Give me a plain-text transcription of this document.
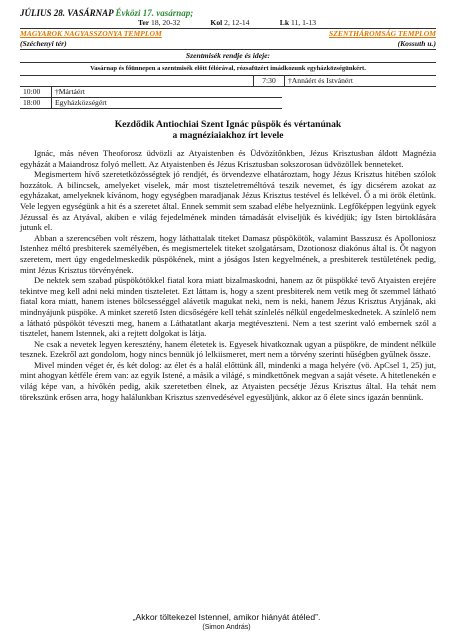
JÚLIUS 28. VASÁRNAP Évközi 17. vasárnap;
Ter 18, 20-32	Kol 2, 12-14	Lk 11, 1-13
MAGYAROK NAGYASSZONYA TEMPLOM	SZENTHÁROMSÁG TEMPLOM
(Széchenyi tér)	(Kossuth u.)
Szentmisék rendje és ideje:
Vasárnap és főünnepen a szentmisék előtt félórával, rózsafüzért imádkozunk egyházközségünkért.
7:30	†Annáért és Istvánért
10:00	†Mártáért
18:00	Egyházközségért
Kezdődik Antiochiai Szent Ignác püspök és vértanúnak
a magnéziaiakhoz írt levele

Ignác, más néven Theoforosz üdvözli az Atyaistenben és Üdvözítőnkben, Jézus Krisztusban áldott Magnézia egyházát a Maiandrosz folyó mellett. Az Atyaistenben és Jézus Krisztusban sokszorosan üdvözöllek benneteket.

Megismertem hívő szeretetközösségtek jó rendjét, és örvendezve elhatároztam, hogy Jézus Krisztus hitében szólok hozzátok. A bilincsek, amelyeket viselek, már most tiszteletreméltóvá teszik nevemet, és így dicsérem azokat az egyházakat, amelyeknek kívánom, hogy egységben maradjanak Jézus Krisztus testével és lelkével. Ő a mi örök életünk. Vele legyen egységünk a hit és a szeretet által. Ennek semmit sem szabad elébe helyeznünk. Legfőképpen legyünk egyek Jézussal és az Atyával, akiben e világ fejedelmének minden támadását elviseljük és kivédjük; így Isten birtoklására jutunk el.

Abban a szerencsében volt részem, hogy láthattalak titeket Damasz püspökötök, valamint Basszusz és Apolloniosz Istenhez méltó presbiterek személyében, és megismertelek titeket szolgatársam, Dzotionosz diakónus által is. Őt nagyon szeretem, mert úgy engedelmeskedik püspökének, mint a jóságos Isten kegyelmének, a presbiterek testületének pedig, mint Jézus Krisztus törvényének.

De nektek sem szabad püspökötökkel fiatal kora miatt bizalmaskodni, hanem az őt püspökké tevő Atyaisten erejére tekintve meg kell adni neki minden tiszteletet. Ezt láttam is, hogy a szent presbiterek nem vetik meg őt szemmel látható fiatal kora miatt, hanem istenes bölcsességgel alávetik magukat neki, nem is neki, hanem Jézus Krisztus Atyjának, aki mindnyájunk püspöke. A minket szerető Isten dicsőségére kell tehát színlelés nélkül engedelmeskednetek. A színlelő nem a látható püspököt téveszti meg, hanem a Láthatatlant akarja megtéveszteni. Nem a test szerint való embernek szól a tisztelet, hanem Istennek, aki a rejtett dolgokat is látja.

Ne csak a nevetek legyen keresztény, hanem életetek is. Egyesek hivatkoznak ugyan a püspökre, de mindent nélküle tesznek. Ezekről azt gondolom, hogy nincs bennük jó lelkiismeret, mert nem a törvény szerinti hűségben gyűlnek össze.

Mivel minden véget ér, és két dolog: az élet és a halál előttünk áll, mindenki a maga helyére (vö. ApCsel 1, 25) jut, mint ahogyan kétféle érem van: az egyik Istené, a másik a világé, s mindkettőnek megvan a saját vésete. A hitetlenekén e világ képe van, a hívőkén pedig, akik szeretetben élnek, az Atyaisten pecsétje Jézus Krisztus által. Ha tehát nem törekszünk erősen arra, hogy halálunkban Krisztus szenvedésével egyesüljünk, akkor az ő élete sincs igazán bennünk.

„Akkor töltekezel Istennel, amikor hiányát átéled”.
(Simon András)
